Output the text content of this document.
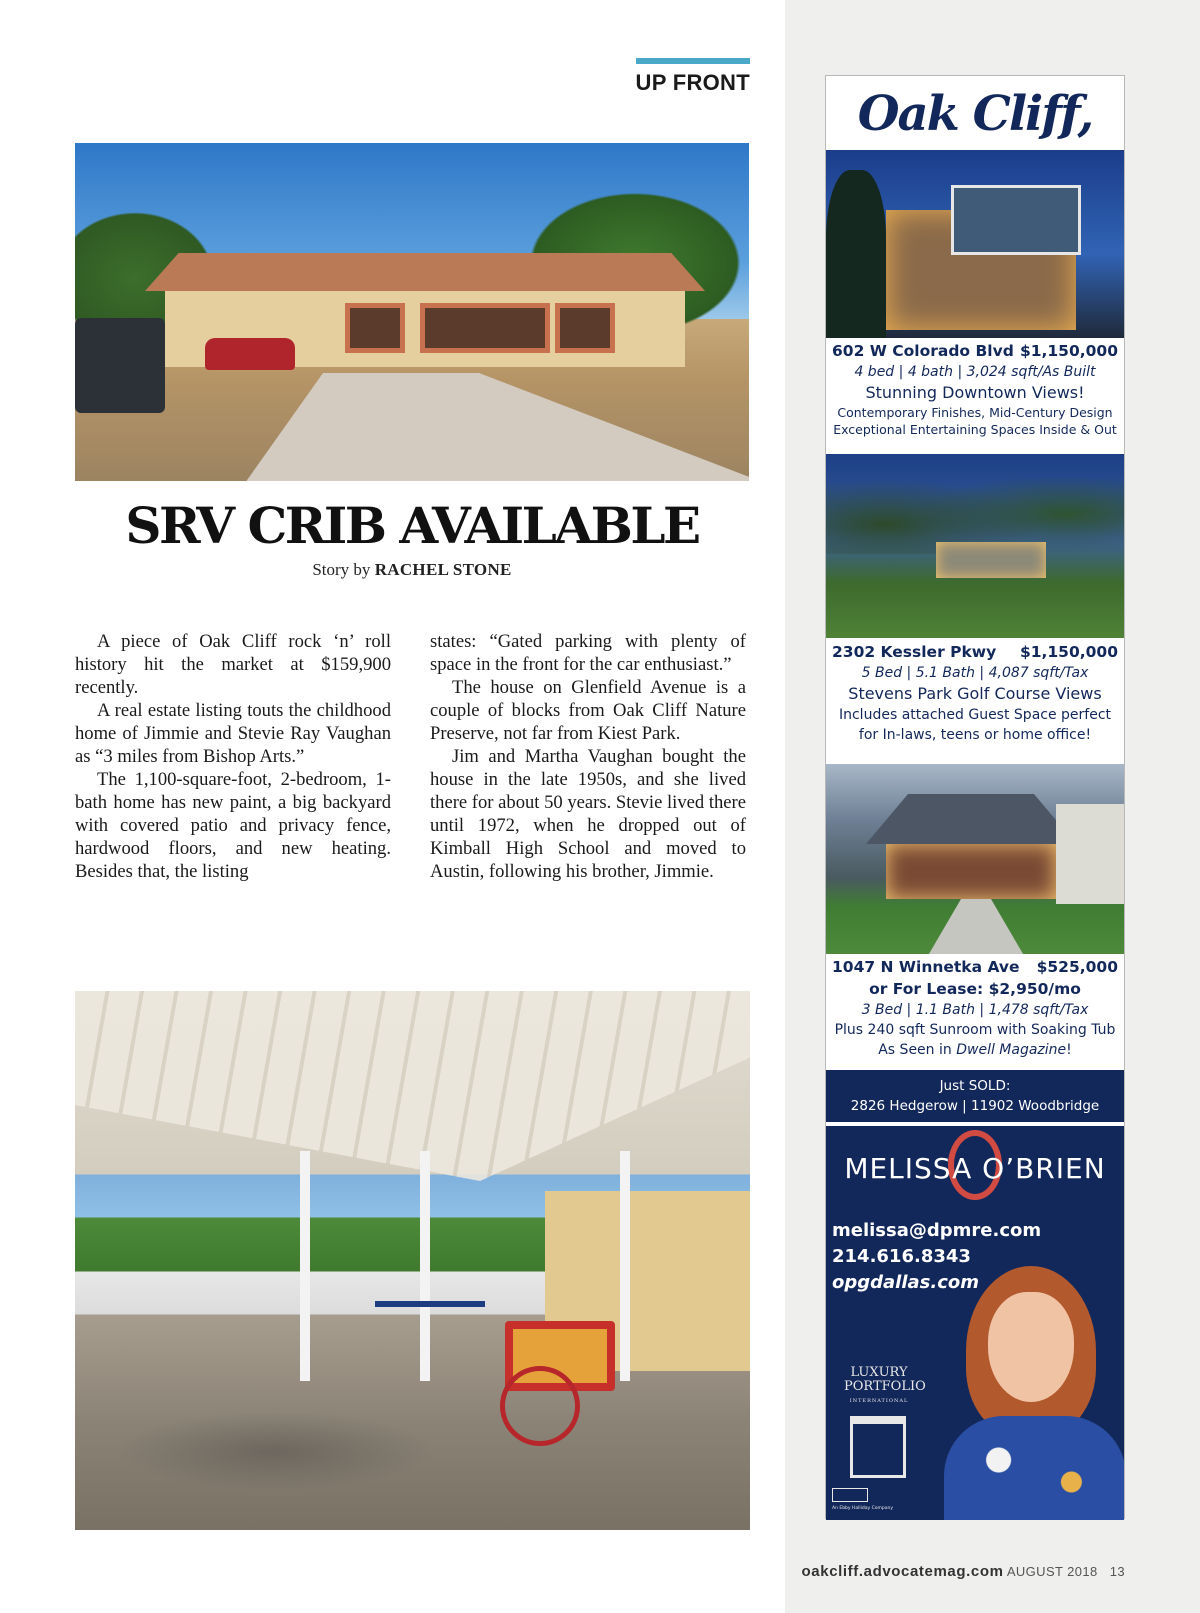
UP FRONT
SRV CRIB AVAILABLE
Story by RACHEL STONE

A piece of Oak Cliff rock ‘n’ roll history hit the market at $159,900 recently.

A real estate listing touts the childhood home of Jimmie and Stevie Ray Vaughan as “3 miles from Bishop Arts.”

The 1,100-square-foot, 2-bedroom, 1-bath home has new paint, a big backyard with covered patio and privacy fence, hardwood floors, and new heating. Besides that, the listing

states: “Gated parking with plenty of space in the front for the car enthusiast.”

The house on Glenfield Avenue is a couple of blocks from Oak Cliff Nature Preserve, not far from Kiest Park.

Jim and Martha Vaughan bought the house in the late 1950s, and she lived there for about 50 years. Stevie lived there until 1972, when he dropped out of Kimball High School and moved to Austin, following his brother, Jimmie.

Oak Cliff,
602 W Colorado Blvd $1,150,000
4 bed | 4 bath | 3,024 sqft/As Built
Stunning Downtown Views!
Contemporary Finishes, Mid-Century Design
Exceptional Entertaining Spaces Inside & Out
2302 Kessler Pkwy $1,150,000
5 Bed | 5.1 Bath | 4,087 sqft/Tax
Stevens Park Golf Course Views
Includes attached Guest Space perfect
for In-laws, teens or home office!
1047 N Winnetka Ave $525,000
or For Lease: $2,950/mo
3 Bed | 1.1 Bath | 1,478 sqft/Tax
Plus 240 sqft Sunroom with Soaking Tub
As Seen in Dwell Magazine!
Just SOLD:
2826 Hedgerow | 11902 Woodbridge
MELISSA O’BRIEN
melissa@dpmre.com
214.616.8343
opgdallas.com
LUXURY
PORTFOLIO
INTERNATIONAL
An Ebby Halliday Company
oakcliff.advocatemag.com AUGUST 2018 13
